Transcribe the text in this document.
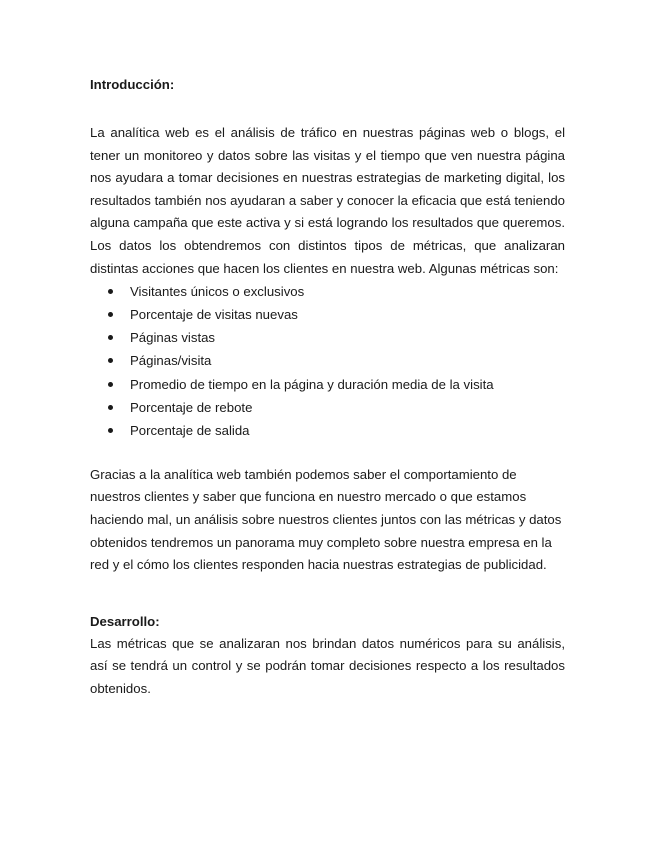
Introducción:

La analítica web es el análisis de tráfico en nuestras páginas web o blogs, el tener un monitoreo y datos sobre las visitas y el tiempo que ven nuestra página nos ayudara a tomar decisiones en nuestras estrategias de marketing digital, los resultados también nos ayudaran a saber y conocer la eficacia que está teniendo alguna campaña que este activa y si está logrando los resultados que queremos. Los datos los obtendremos con distintos tipos de métricas, que analizaran distintas acciones que hacen los clientes en nuestra web. Algunas métricas son:

Visitantes únicos o exclusivos
Porcentaje de visitas nuevas
Páginas vistas
Páginas/visita
Promedio de tiempo en la página y duración media de la visita
Porcentaje de rebote
Porcentaje de salida

Gracias a la analítica web también podemos saber el comportamiento de nuestros clientes y saber que funciona en nuestro mercado o que estamos haciendo mal, un análisis sobre nuestros clientes juntos con las métricas y datos obtenidos tendremos un panorama muy completo sobre nuestra empresa en la red y el cómo los clientes responden hacia nuestras estrategias de publicidad.

Desarrollo:

Las métricas que se analizaran nos brindan datos numéricos para su análisis, así se tendrá un control y se podrán tomar decisiones respecto a los resultados obtenidos.
